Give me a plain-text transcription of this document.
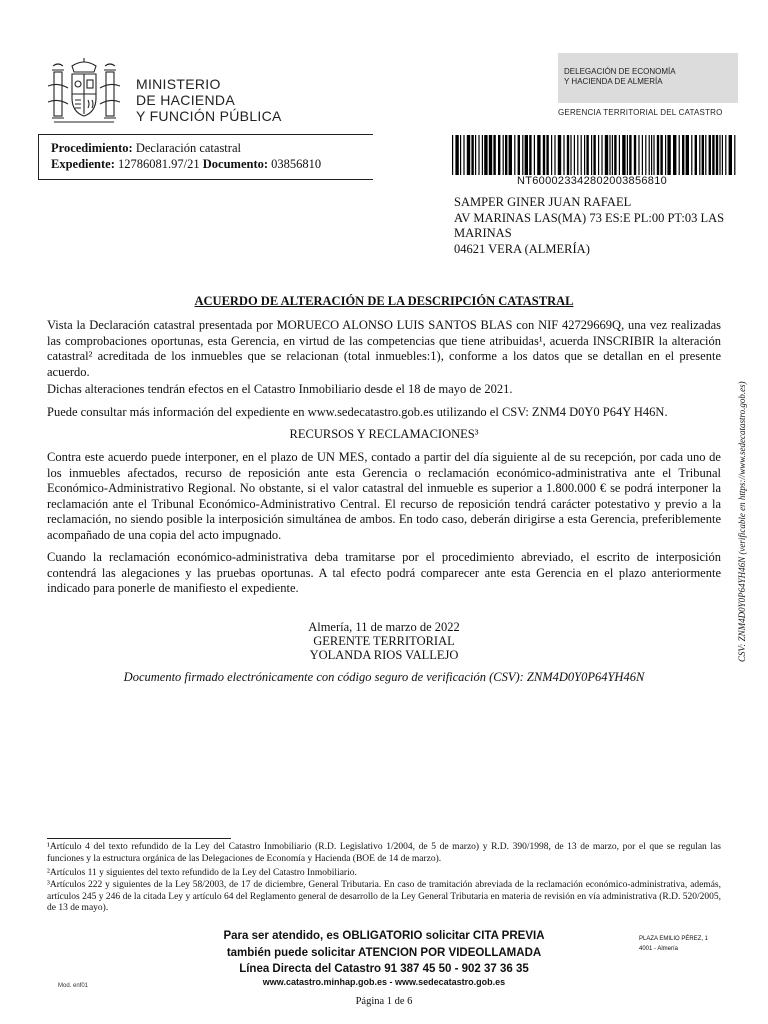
MINISTERIO
DE HACIENDA
Y FUNCIÓN PÚBLICA
DELEGACIÓN DE ECONOMÍA
Y HACIENDA DE ALMERÍA
GERENCIA TERRITORIAL DEL CATASTRO
Procedimiento: Declaración catastral
Expediente: 12786081.97/21 Documento: 03856810
NT60002334280200385681​0
SAMPER GINER JUAN RAFAEL
AV MARINAS LAS(MA) 73 ES:E PL:00 PT:03 LAS
MARINAS
04621 VERA (ALMERÍA)
ACUERDO DE ALTERACIÓN DE LA DESCRIPCIÓN CATASTRAL
Vista la Declaración catastral presentada por MORUECO ALONSO LUIS SANTOS BLAS con NIF 42729669Q, una vez realizadas las comprobaciones oportunas, esta Gerencia, en virtud de las competencias que tiene atribuidas¹, acuerda INSCRIBIR la alteración catastral² acreditada de los inmuebles que se relacionan (total inmuebles:1), conforme a los datos que se detallan en el presente acuerdo.
Dichas alteraciones tendrán efectos en el Catastro Inmobiliario desde el 18 de mayo de 2021.
Puede consultar más información del expediente en www.sedecatastro.gob.es utilizando el CSV: ZNM4 D0Y0 P64Y H46N.
RECURSOS Y RECLAMACIONES³
Contra este acuerdo puede interponer, en el plazo de UN MES, contado a partir del día siguiente al de su recepción, por cada uno de los inmuebles afectados, recurso de reposición ante esta Gerencia o reclamación económico-administrativa ante el Tribunal Económico-Administrativo Regional. No obstante, si el valor catastral del inmueble es superior a 1.800.000 € se podrá interponer la reclamación ante el Tribunal Económico-Administrativo Central. El recurso de reposición tendrá carácter potestativo y previo a la reclamación, no siendo posible la interposición simultánea de ambos. En todo caso, deberán dirigirse a esta Gerencia, preferiblemente acompañado de una copia del acto impugnado.
Cuando la reclamación económico-administrativa deba tramitarse por el procedimiento abreviado, el escrito de interposición contendrá las alegaciones y las pruebas oportunas. A tal efecto podrá comparecer ante esta Gerencia en el plazo anteriormente indicado para ponerle de manifiesto el expediente.
Almería, 11 de marzo de 2022
GERENTE TERRITORIAL
YOLANDA RIOS VALLEJO
Documento firmado electrónicamente con código seguro de verificación (CSV): ZNM4D0Y0P64YH46N
CSV: ZNM4D0Y0P64YH46N (verificable en https://www.sedecatastro.gob.es)
¹Artículo 4 del texto refundido de la Ley del Catastro Inmobiliario (R.D. Legislativo 1/2004, de 5 de marzo) y R.D. 390/1998, de 13 de marzo, por el que se regulan las funciones y la estructura orgánica de las Delegaciones de Economía y Hacienda (BOE de 14 de marzo).
²Artículos 11 y siguientes del texto refundido de la Ley del Catastro Inmobiliario.
³Artículos 222 y siguientes de la Ley 58/2003, de 17 de diciembre, General Tributaria. En caso de tramitación abreviada de la reclamación económico-administrativa, además, artículos 245 y 246 de la citada Ley y artículo 64 del Reglamento general de desarrollo de la Ley General Tributaria en materia de revisión en vía administrativa (R.D. 520/2005, de 13 de mayo).
Para ser atendido, es OBLIGATORIO solicitar CITA PREVIA
también puede solicitar ATENCION POR VIDEOLLAMADA
Línea Directa del Catastro 91 387 45 50 - 902 37 36 35
www.catastro.minhap.gob.es - www.sedecatastro.gob.es
PLAZA EMILIO PÉREZ, 1
4001 - Almería
Mod. enf01
Página 1 de 6
